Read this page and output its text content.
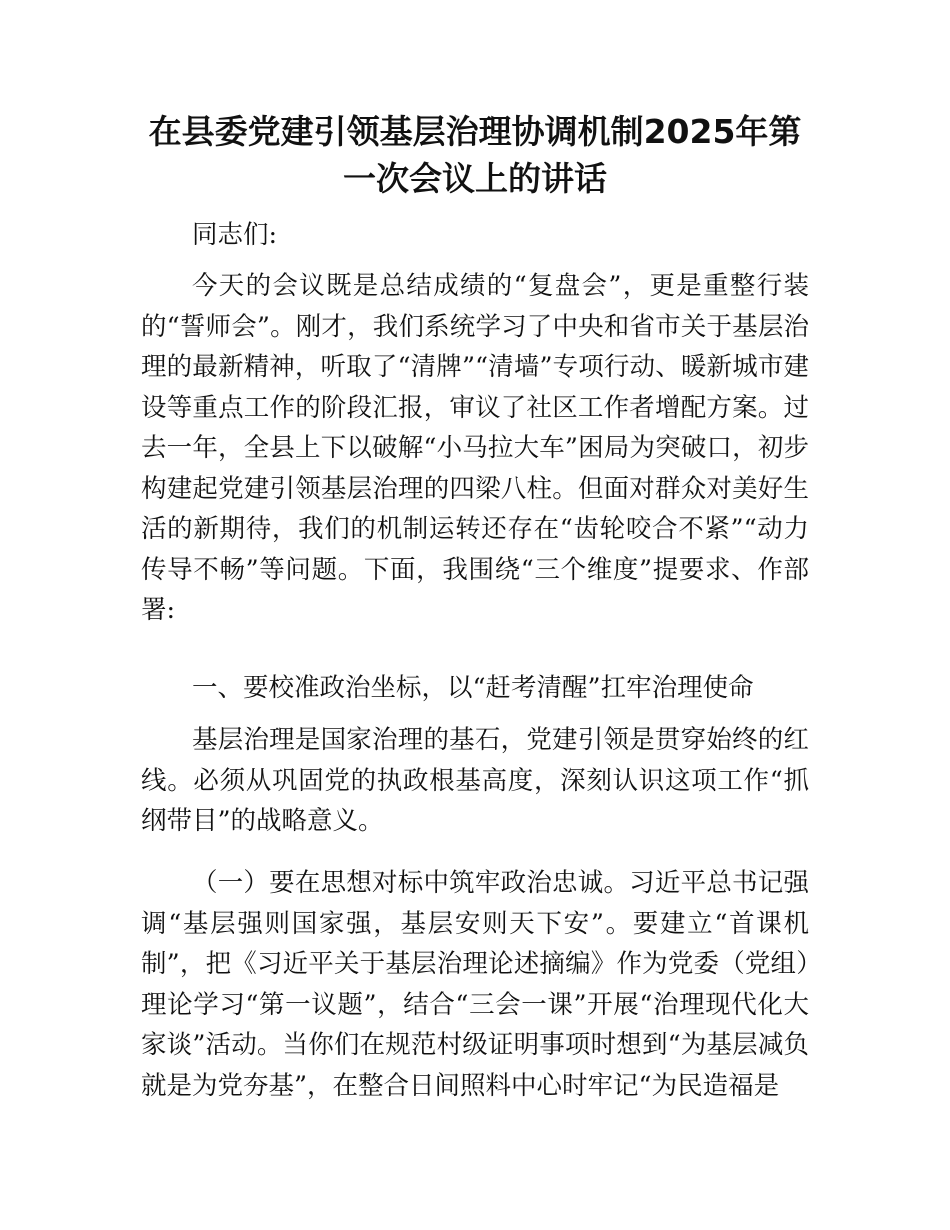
在县委党建引领基层治理协调机制2025年第一次会议上的讲话

同志们:

今天的会议既是总结成绩的“复盘会”，更是重整行装的“誓师会”。刚才，我们系统学习了中央和省市关于基层治理的最新精神，听取了“清牌”“清墙”专项行动、暖新城市建设等重点工作的阶段汇报，审议了社区工作者增配方案。过去一年，全县上下以破解“小马拉大车”困局为突破口，初步构建起党建引领基层治理的四梁八柱。但面对群众对美好生活的新期待，我们的机制运转还存在“齿轮咬合不紧”“动力传导不畅”等问题。下面，我围绕“三个维度”提要求、作部署:

一、要校准政治坐标，以“赶考清醒”扛牢治理使命

基层治理是国家治理的基石，党建引领是贯穿始终的红线。必须从巩固党的执政根基高度，深刻认识这项工作“抓纲带目”的战略意义。

（一）要在思想对标中筑牢政治忠诚。习近平总书记强调“基层强则国家强，基层安则天下安”。要建立“首课机制”，把《习近平关于基层治理论述摘编》作为党委（党组）理论学习“第一议题”，结合“三会一课”开展“治理现代化大家谈”活动。当你们在规范村级证明事项时想到“为基层减负就是为党夯基”，在整合日间照料中心时牢记“为民造福是
